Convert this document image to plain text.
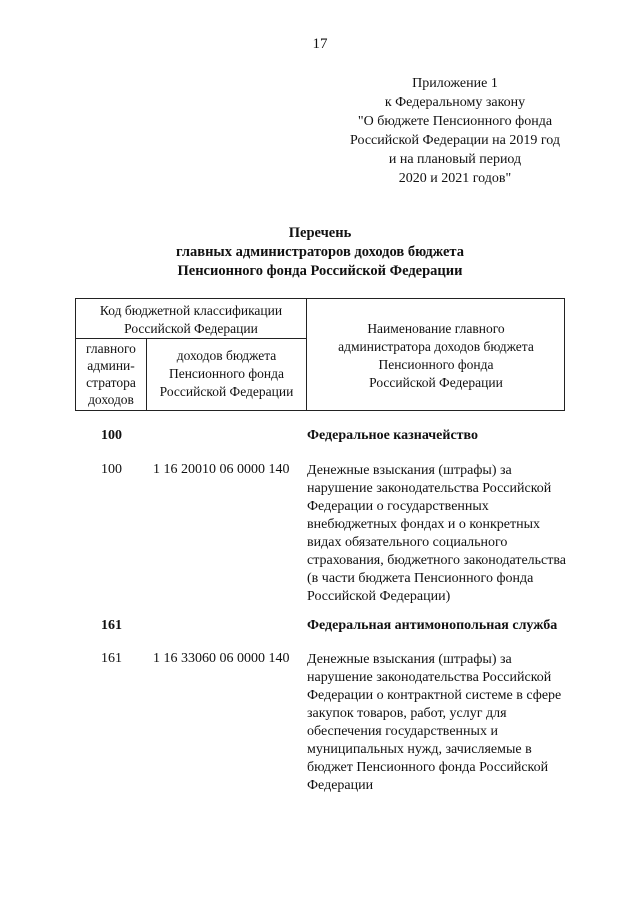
17
Приложение 1
к Федеральному закону
"О бюджете Пенсионного фонда
Российской Федерации на 2019 год
и на плановый период
2020 и 2021 годов"
Перечень
главных администраторов доходов бюджета
Пенсионного фонда Российской Федерации
Код бюджетной классификации
Российской Федерации
главного
админи-
стратора
доходов
доходов бюджета
Пенсионного фонда
Российской Федерации
Наименование главного
администратора доходов бюджета
Пенсионного фонда
Российской Федерации
100	Федеральное казначейство
100 1 16 20010 06 0000 140 Денежные взыскания (штрафы) за
нарушение законодательства Российской
Федерации о государственных
внебюджетных фондах и о конкретных
видах обязательного социального
страхования, бюджетного законодательства
(в части бюджета Пенсионного фонда
Российской Федерации)
161	Федеральная антимонопольная служба
161 1 16 33060 06 0000 140 Денежные взыскания (штрафы) за
нарушение законодательства Российской
Федерации о контрактной системе в сфере
закупок товаров, работ, услуг для
обеспечения государственных и
муниципальных нужд, зачисляемые в
бюджет Пенсионного фонда Российской
Федерации
